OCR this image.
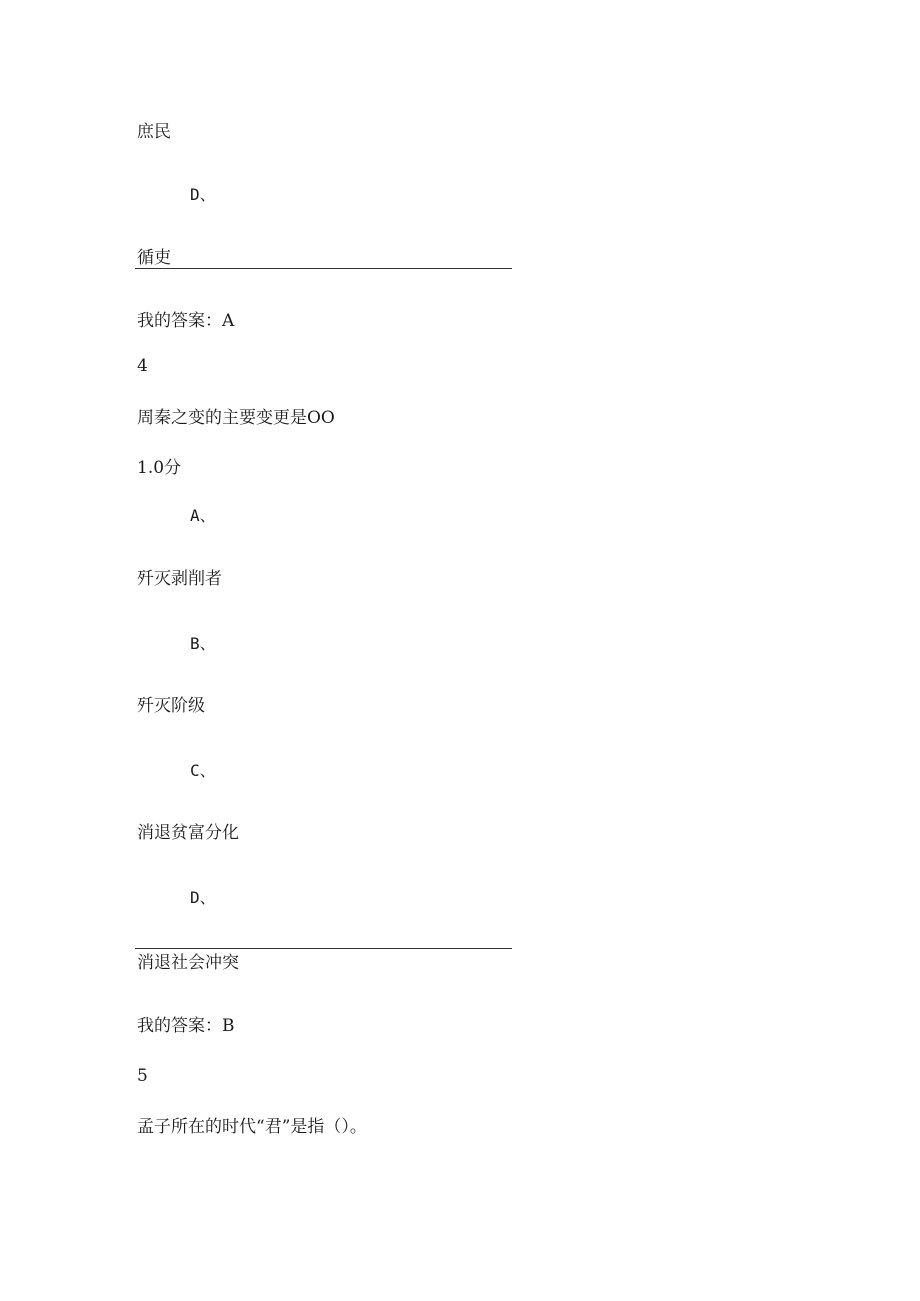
庶民
D、
循吏
我的答案：A
4
周秦之变的主要变更是OO
1.0分
A、
歼灭剥削者
B、
歼灭阶级
C、
消退贫富分化
D、
消退社会冲突
我的答案：B
5
孟子所在的时代“君”是指（）。
